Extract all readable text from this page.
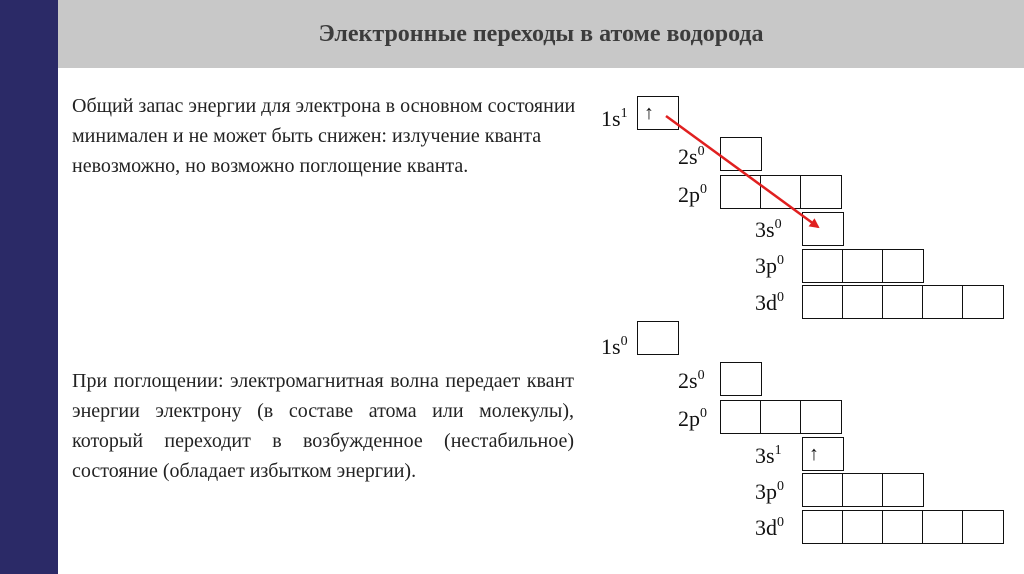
Электронные переходы в атоме водорода
Общий запас энергии для электрона в основном состоянии минимален и не может быть снижен: излучение кванта невозможно, но возможно поглощение кванта.
При поглощении: электромагнитная волна передает квант энергии электрону (в составе атома или молекулы), который переходит в возбужденное (нестабильное) состояние (обладает избытком энергии).
$1s^1$ ↑
$2s^0$
$2p^0$
$3s^0$
$3p^0$
$3d^0$
$1s^0$
$2s^0$
$2p^0$
$3s^1$	↑
$3p^0$
$3d^0$
